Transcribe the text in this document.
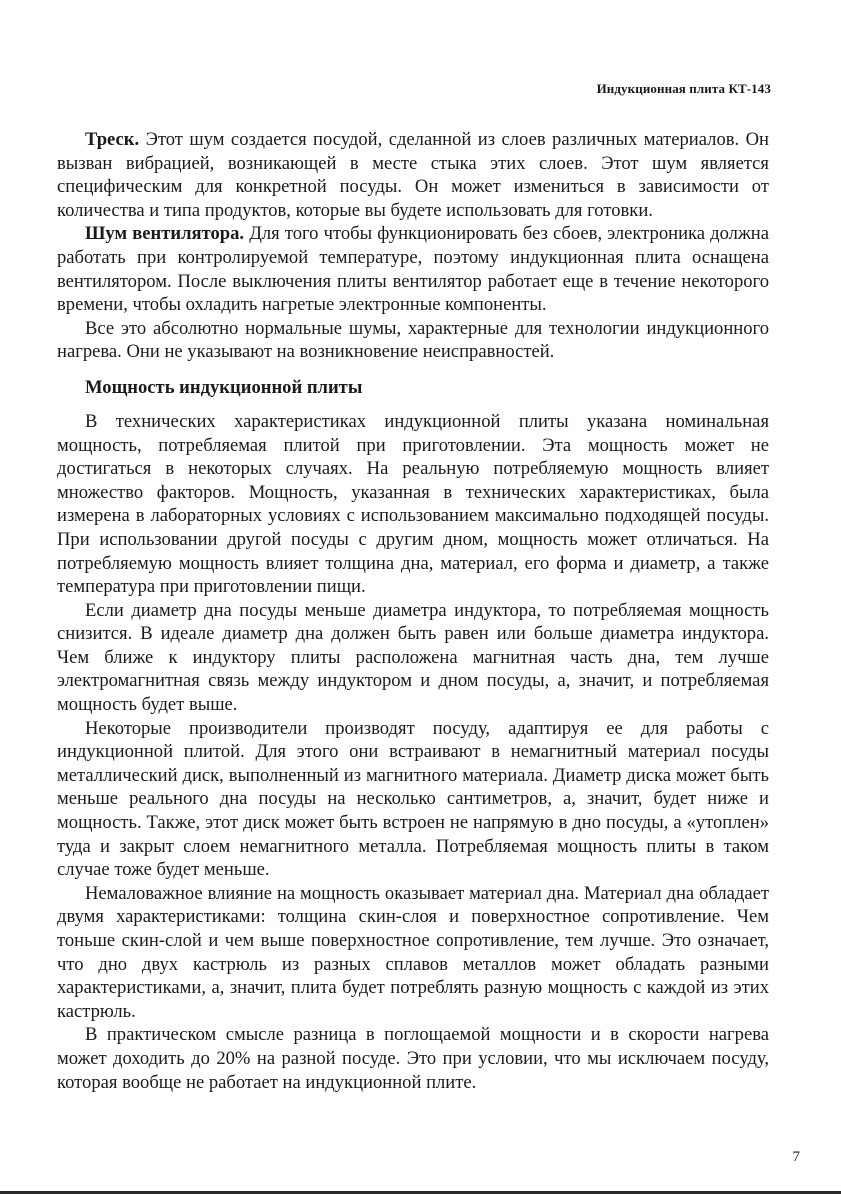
Индукционная плита КТ-143

Треск. Этот шум создается посудой, сделанной из слоев различных материалов. Он вызван вибрацией, возникающей в месте стыка этих слоев. Этот шум является специфическим для конкретной посуды. Он может измениться в зависимости от количества и типа продуктов, которые вы будете использовать для готовки.

Шум вентилятора. Для того чтобы функционировать без сбоев, электроника должна работать при контролируемой температуре, поэтому индукционная плита оснащена вентилятором. После выключения плиты вентилятор работает еще в течение некоторого времени, чтобы охладить нагретые электронные компоненты.

Все это абсолютно нормальные шумы, характерные для технологии индукционного нагрева. Они не указывают на возникновение неисправностей.

Мощность индукционной плиты

В технических характеристиках индукционной плиты указана номинальная мощность, потребляемая плитой при приготовлении. Эта мощность может не достигаться в некоторых случаях. На реальную потребляемую мощность влияет множество факторов. Мощность, указанная в технических характеристиках, была измерена в лабораторных условиях с использованием максимально подходящей посуды. При использовании другой посуды с другим дном, мощность может отличаться. На потребляемую мощность влияет толщина дна, материал, его форма и диаметр, а также температура при приготовлении пищи.

Если диаметр дна посуды меньше диаметра индуктора, то потребляемая мощность снизится. В идеале диаметр дна должен быть равен или больше диаметра индуктора. Чем ближе к индуктору плиты расположена магнитная часть дна, тем лучше электромагнитная связь между индуктором и дном посуды, а, значит, и потребляемая мощность будет выше.

Некоторые производители производят посуду, адаптируя ее для работы с индукционной плитой. Для этого они встраивают в немагнитный материал посуды металлический диск, выполненный из магнитного материала. Диаметр диска может быть меньше реального дна посуды на несколько сантиметров, а, значит, будет ниже и мощность. Также, этот диск может быть встроен не напрямую в дно посуды, а «утоплен» туда и закрыт слоем немагнитного металла. Потребляемая мощность плиты в таком случае тоже будет меньше.

Немаловажное влияние на мощность оказывает материал дна. Материал дна обладает двумя характеристиками: толщина скин-слоя и поверхностное сопротивление. Чем тоньше скин-слой и чем выше поверхностное сопротивление, тем лучше. Это означает, что дно двух кастрюль из разных сплавов металлов может обладать разными характеристиками, а, значит, плита будет потреблять разную мощность с каждой из этих кастрюль.

В практическом смысле разница в поглощаемой мощности и в скорости нагрева может доходить до 20% на разной посуде. Это при условии, что мы исключаем посуду, которая вообще не работает на индукционной плите.

7
